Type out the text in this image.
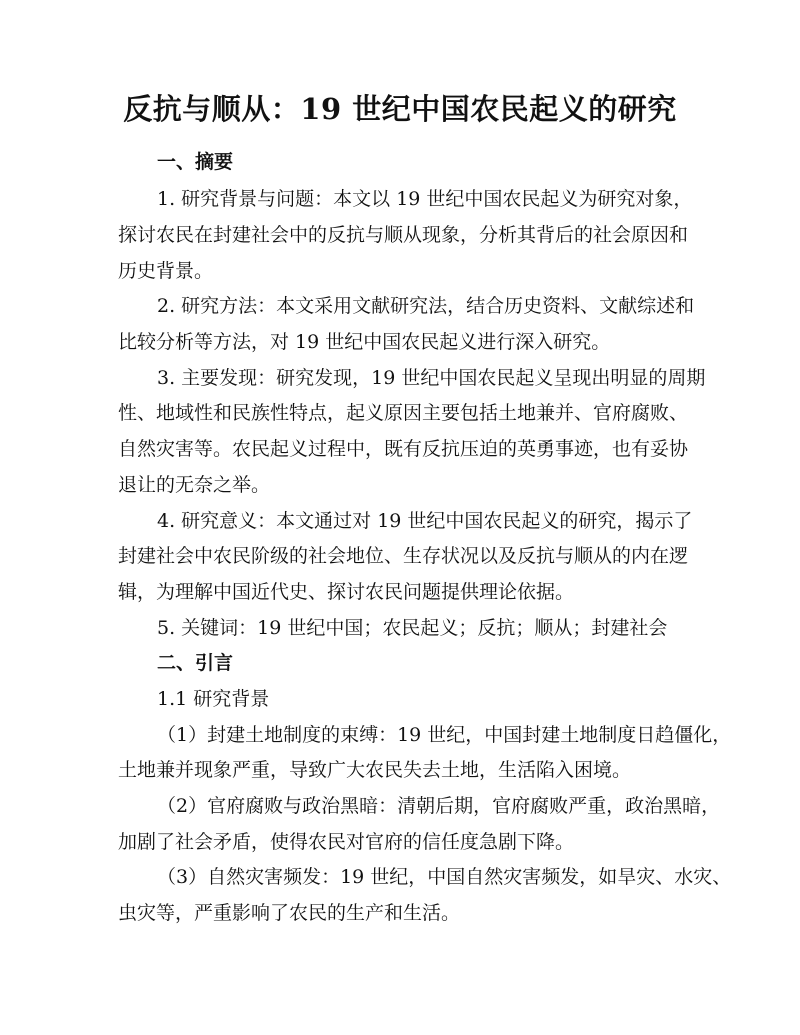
反抗与顺从：19 世纪中国农民起义的研究
一、摘要
1. 研究背景与问题：本文以 19 世纪中国农民起义为研究对象，
探讨农民在封建社会中的反抗与顺从现象，分析其背后的社会原因和
历史背景。
2. 研究方法：本文采用文献研究法，结合历史资料、文献综述和
比较分析等方法，对 19 世纪中国农民起义进行深入研究。
3. 主要发现：研究发现，19 世纪中国农民起义呈现出明显的周期
性、地域性和民族性特点，起义原因主要包括土地兼并、官府腐败、
自然灾害等。农民起义过程中，既有反抗压迫的英勇事迹，也有妥协
退让的无奈之举。
4. 研究意义：本文通过对 19 世纪中国农民起义的研究，揭示了
封建社会中农民阶级的社会地位、生存状况以及反抗与顺从的内在逻
辑，为理解中国近代史、探讨农民问题提供理论依据。
5. 关键词：19 世纪中国；农民起义；反抗；顺从；封建社会
二、引言
1.1 研究背景
（1）封建土地制度的束缚：19 世纪，中国封建土地制度日趋僵化，
土地兼并现象严重，导致广大农民失去土地，生活陷入困境。
（2）官府腐败与政治黑暗：清朝后期，官府腐败严重，政治黑暗，
加剧了社会矛盾，使得农民对官府的信任度急剧下降。
（3）自然灾害频发：19 世纪，中国自然灾害频发，如旱灾、水灾、
虫灾等，严重影响了农民的生产和生活。
